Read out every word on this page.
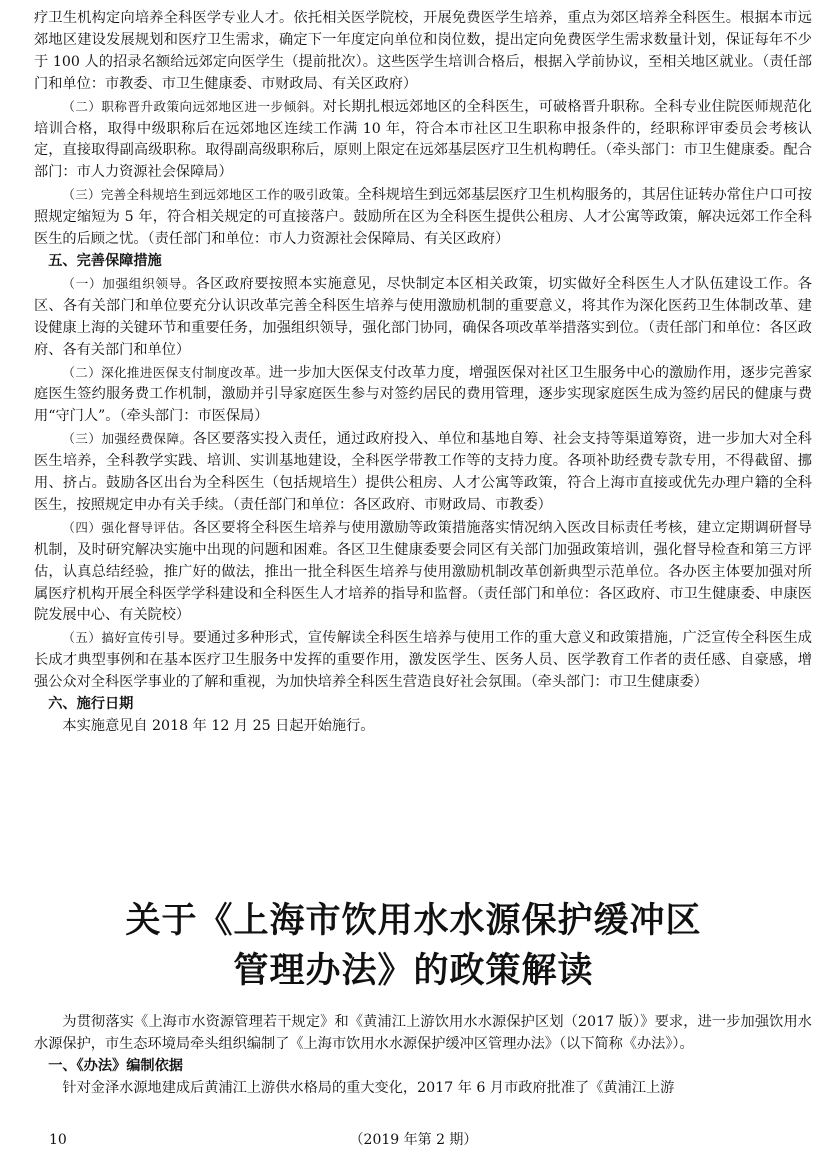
疗卫生机构定向培养全科医学专业人才。依托相关医学院校，开展免费医学生培养，重点为郊区培养全科医生。根据本市远郊地区建设发展规划和医疗卫生需求，确定下一年度定向单位和岗位数，提出定向免费医学生需求数量计划，保证每年不少于 100 人的招录名额给远郊定向医学生（提前批次）。这些医学生培训合格后，根据入学前协议，至相关地区就业。（责任部门和单位：市教委、市卫生健康委、市财政局、有关区政府）

（二）职称晋升政策向远郊地区进一步倾斜。对长期扎根远郊地区的全科医生，可破格晋升职称。全科专业住院医师规范化培训合格，取得中级职称后在远郊地区连续工作满 10 年，符合本市社区卫生职称申报条件的，经职称评审委员会考核认定，直接取得副高级职称。取得副高级职称后，原则上限定在远郊基层医疗卫生机构聘任。（牵头部门：市卫生健康委。配合部门：市人力资源社会保障局）

（三）完善全科规培生到远郊地区工作的吸引政策。全科规培生到远郊基层医疗卫生机构服务的，其居住证转办常住户口可按照规定缩短为 5 年，符合相关规定的可直接落户。鼓励所在区为全科医生提供公租房、人才公寓等政策，解决远郊工作全科医生的后顾之忧。（责任部门和单位：市人力资源社会保障局、有关区政府）

五、完善保障措施

（一）加强组织领导。各区政府要按照本实施意见，尽快制定本区相关政策，切实做好全科医生人才队伍建设工作。各区、各有关部门和单位要充分认识改革完善全科医生培养与使用激励机制的重要意义，将其作为深化医药卫生体制改革、建设健康上海的关键环节和重要任务，加强组织领导，强化部门协同，确保各项改革举措落实到位。（责任部门和单位：各区政府、各有关部门和单位）

（二）深化推进医保支付制度改革。进一步加大医保支付改革力度，增强医保对社区卫生服务中心的激励作用，逐步完善家庭医生签约服务费工作机制，激励并引导家庭医生参与对签约居民的费用管理，逐步实现家庭医生成为签约居民的健康与费用“守门人”。（牵头部门：市医保局）

（三）加强经费保障。各区要落实投入责任，通过政府投入、单位和基地自筹、社会支持等渠道筹资，进一步加大对全科医生培养，全科教学实践、培训、实训基地建设，全科医学带教工作等的支持力度。各项补助经费专款专用，不得截留、挪用、挤占。鼓励各区出台为全科医生（包括规培生）提供公租房、人才公寓等政策，符合上海市直接或优先办理户籍的全科医生，按照规定申办有关手续。（责任部门和单位：各区政府、市财政局、市教委）

（四）强化督导评估。各区要将全科医生培养与使用激励等政策措施落实情况纳入医改目标责任考核，建立定期调研督导机制，及时研究解决实施中出现的问题和困难。各区卫生健康委要会同区有关部门加强政策培训，强化督导检查和第三方评估，认真总结经验，推广好的做法，推出一批全科医生培养与使用激励机制改革创新典型示范单位。各办医主体要加强对所属医疗机构开展全科医学学科建设和全科医生人才培养的指导和监督。（责任部门和单位：各区政府、市卫生健康委、申康医院发展中心、有关院校）

（五）搞好宣传引导。要通过多种形式，宣传解读全科医生培养与使用工作的重大意义和政策措施，广泛宣传全科医生成长成才典型事例和在基本医疗卫生服务中发挥的重要作用，激发医学生、医务人员、医学教育工作者的责任感、自豪感，增强公众对全科医学事业的了解和重视，为加快培养全科医生营造良好社会氛围。（牵头部门：市卫生健康委）

六、施行日期

本实施意见自 2018 年 12 月 25 日起开始施行。

关于《上海市饮用水水源保护缓冲区
管理办法》的政策解读

为贯彻落实《上海市水资源管理若干规定》和《黄浦江上游饮用水水源保护区划（2017 版）》要求，进一步加强饮用水水源保护，市生态环境局牵头组织编制了《上海市饮用水水源保护缓冲区管理办法》（以下简称《办法》）。

一、《办法》编制依据

针对金泽水源地建成后黄浦江上游供水格局的重大变化，2017 年 6 月市政府批准了《黄浦江上游

10	（2019 年第 2 期）
